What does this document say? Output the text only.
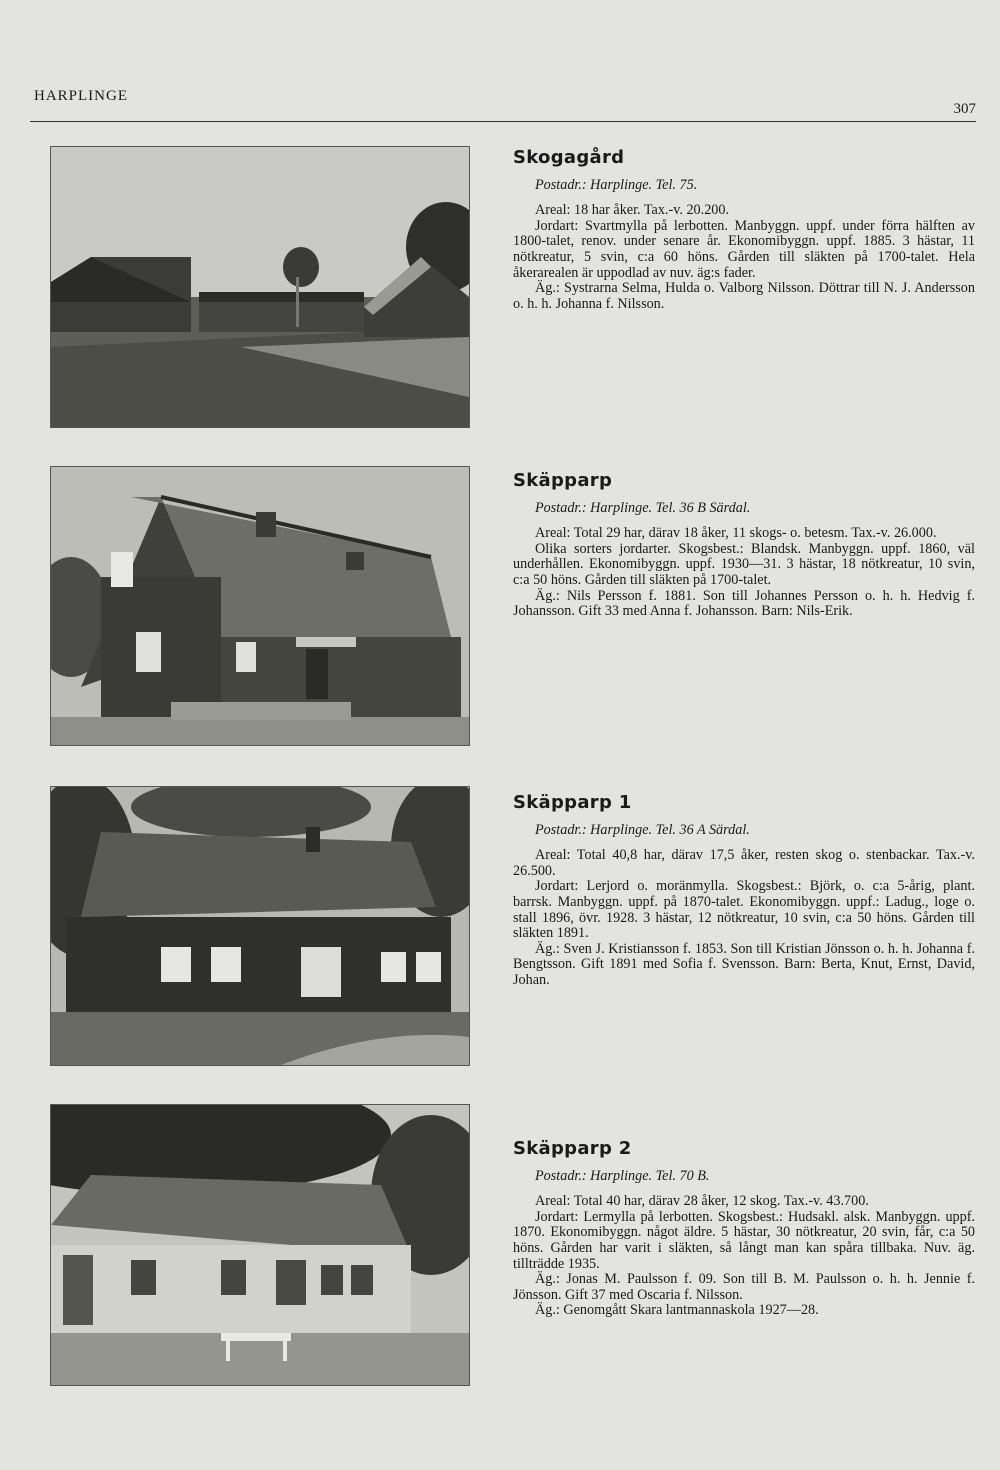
HARPLINGE
307
Skogagård
Postadr.: Harplinge. Tel. 75.

Areal: 18 har åker. Tax.-v. 20.200.

Jordart: Svartmylla på lerbotten. Manbyggn. uppf. under förra hälften av 1800-talet, renov. under senare år. Ekonomibyggn. uppf. 1885. 3 hästar, 11 nötkreatur, 5 svin, c:a 60 höns. Gården till släkten på 1700-talet. Hela åkerarealen är uppodlad av nuv. äg:s fader.

Äg.: Systrarna Selma, Hulda o. Valborg Nilsson. Döttrar till N. J. Andersson o. h. h. Johanna f. Nilsson.

Skäpparp
Postadr.: Harplinge. Tel. 36 B Särdal.

Areal: Total 29 har, därav 18 åker, 11 skogs- o. betesm. Tax.-v. 26.000.

Olika sorters jordarter. Skogsbest.: Blandsk. Manbyggn. uppf. 1860, väl underhållen. Ekonomibyggn. uppf. 1930—31. 3 hästar, 18 nötkreatur, 10 svin, c:a 50 höns. Gården till släkten på 1700-talet.

Äg.: Nils Persson f. 1881. Son till Johannes Persson o. h. h. Hedvig f. Johansson. Gift 33 med Anna f. Johansson. Barn: Nils-Erik.

Skäpparp 1
Postadr.: Harplinge. Tel. 36 A Särdal.

Areal: Total 40,8 har, därav 17,5 åker, resten skog o. stenbackar. Tax.-v. 26.500.

Jordart: Lerjord o. moränmylla. Skogsbest.: Björk, o. c:a 5-årig, plant. barrsk. Manbyggn. uppf. på 1870-talet. Ekonomibyggn. uppf.: Ladug., loge o. stall 1896, övr. 1928. 3 hästar, 12 nötkreatur, 10 svin, c:a 50 höns. Gården till släkten 1891.

Äg.: Sven J. Kristiansson f. 1853. Son till Kristian Jönsson o. h. h. Johanna f. Bengtsson. Gift 1891 med Sofia f. Svensson. Barn: Berta, Knut, Ernst, David, Johan.

Skäpparp 2
Postadr.: Harplinge. Tel. 70 B.

Areal: Total 40 har, därav 28 åker, 12 skog. Tax.-v. 43.700.

Jordart: Lermylla på lerbotten. Skogsbest.: Hudsakl. alsk. Manbyggn. uppf. 1870. Ekonomibyggn. något äldre. 5 hästar, 30 nötkreatur, 20 svin, får, c:a 50 höns. Gården har varit i släkten, så långt man kan spåra tillbaka. Nuv. äg. tillträdde 1935.

Äg.: Jonas M. Paulsson f. 09. Son till B. M. Paulsson o. h. h. Jennie f. Jönsson. Gift 37 med Oscaria f. Nilsson.

Äg.: Genomgått Skara lantmannaskola 1927—28.
